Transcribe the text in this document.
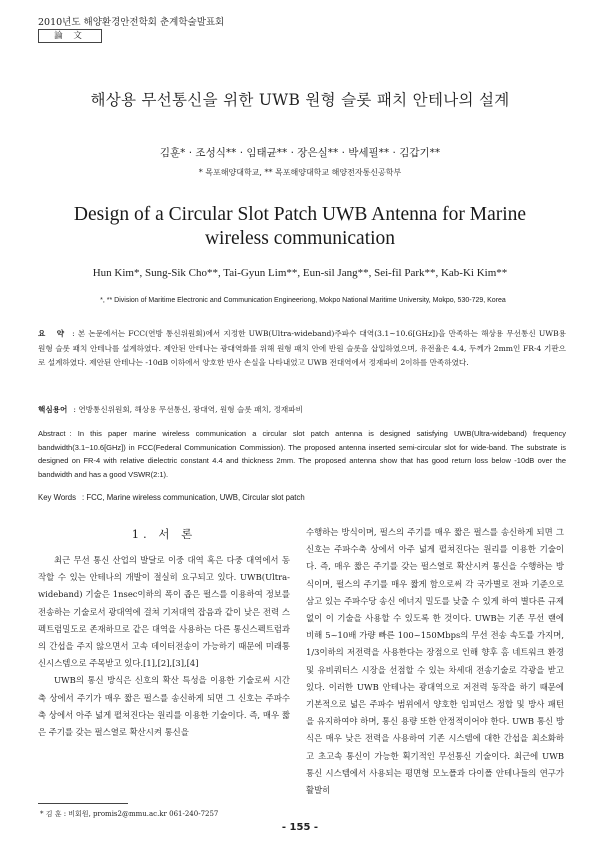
2010년도 해양환경안전학회 춘계학술발표회
論 文
해상용 무선통신을 위한 UWB 원형 슬롯 패치 안테나의 설계
김훈* · 조성식** · 임태균** · 장은실** · 박세필** · 김갑기**
* 목포해양대학교, ** 목포해양대학교 해양전자통신공학부
Design of a Circular Slot Patch UWB Antenna for Marine wireless communication
Hun Kim*, Sung-Sik Cho**, Tai-Gyun Lim**, Eun-sil Jang**, Sei-fil Park**, Kab-Ki Kim**
*, ** Division of Maritime Electronic and Communication Engineeriong, Mokpo National Maritime University, Mokpo, 530-729, Korea
요 약 : 본 논문에서는 FCC(연방 통신위원회)에서 지정한 UWB(Ultra-wideband)주파수 대역(3.1~10.6[GHz])을 만족하는 해상용 무선통신 UWB용 원형 슬롯 패치 안테나를 설계하였다. 제안된 안테나는 광대역화를 위해 원형 패치 안에 반원 슬롯을 삽입하였으며, 유전율은 4.4, 두께가 2mm인 FR-4 기판으로 설계하였다. 제안된 안테나는 -10dB 이하에서 양호한 반사 손실을 나타내었고 UWB 전대역에서 정재파비 2이하를 만족하였다.
핵심용어 : 연방통신위원회, 해상용 무선통신, 광대역, 원형 슬롯 패치, 정재파비
Abstract : In this paper marine wireless communication a circular slot patch antenna is designed satisfying UWB(Ultra-wideband) frequency bandwidth(3.1~10.6[GHz]) in FCC(Federal Communication Commission). The proposed antenna inserted semi-circular slot for wide-band. The substrate is designed on FR-4 with relative dielectric constant 4.4 and thickness 2mm. The proposed antenna show that has good return loss below -10dB over the bandwidth and has a good VSWR(2:1).
Key Words : FCC, Marine wireless communication, UWB, Circular slot patch
1. 서 론

최근 무선 통신 산업의 발달로 이중 대역 혹은 다중 대역에서 동작할 수 있는 안테나의 개발이 절실히 요구되고 있다. UWB(Ultra-wideband) 기술은 1nsec이하의 폭이 좁은 펄스를 이용하여 정보를 전송하는 기술로서 광대역에 걸쳐 기저대역 잡음과 같이 낮은 전력 스펙트럼밀도로 존재하므로 같은 대역을 사용하는 다른 통신스펙트럼과의 간섭을 주지 않으면서 고속 데이터전송이 가능하기 때문에 미래통신시스템으로 주목받고 있다.[1],[2],[3],[4]

UWB의 통신 방식은 신호의 확산 특성을 이용한 기술로써 시간축 상에서 주기가 매우 짧은 펄스를 송신하게 되면 그 신호는 주파수축 상에서 아주 넓게 펼쳐진다는 원리를 이용한 기술이다. 즉, 매우 짧은 주기를 갖는 펄스열로 확산시켜 통신을

수행하는 방식이며, 펄스의 주기를 매우 짧은 펄스를 송신하게 되면 그 신호는 주파수축 상에서 아주 넓게 펼쳐진다는 원리를 이용한 기술이다. 즉, 매우 짧은 주기를 갖는 펄스열로 확산시켜 통신을 수행하는 방식이며, 펄스의 주기를 매우 짧게 함으로써 각 국가별로 전파 기준으로 삼고 있는 주파수당 송신 에너지 밀도를 낮출 수 있게 하여 별다른 규제 없이 이 기술을 사용할 수 있도록 한 것이다. UWB는 기존 무선 랜에 비해 5~10배 가량 빠른 100~150Mbps의 무선 전송 속도를 가지며, 1/3이하의 저전력을 사용한다는 장점으로 인해 향후 홈 네트워크 환경 및 유비쿼터스 시장을 선점할 수 있는 차세대 전송기술로 각광을 받고 있다. 이러한 UWB 안테나는 광대역으로 저전력 동작을 하기 때문에 기본적으로 넓은 주파수 범위에서 양호한 임피던스 정합 및 방사 패턴을 유지하여야 하며, 통신 용량 또한 안정적이어야 한다. UWB 통신 방식은 매우 낮은 전력을 사용하여 기존 시스템에 대한 간섭을 최소화하고 초고속 통신이 가능한 획기적인 무선통신 기술이다. 최근에 UWB 통신 시스템에서 사용되는 평면형 모노폴과 다이폴 안테나들의 연구가 활발히

* 김 훈 : 비회원, promis2@mmu.ac.kr 061-240-7257
- 155 -
